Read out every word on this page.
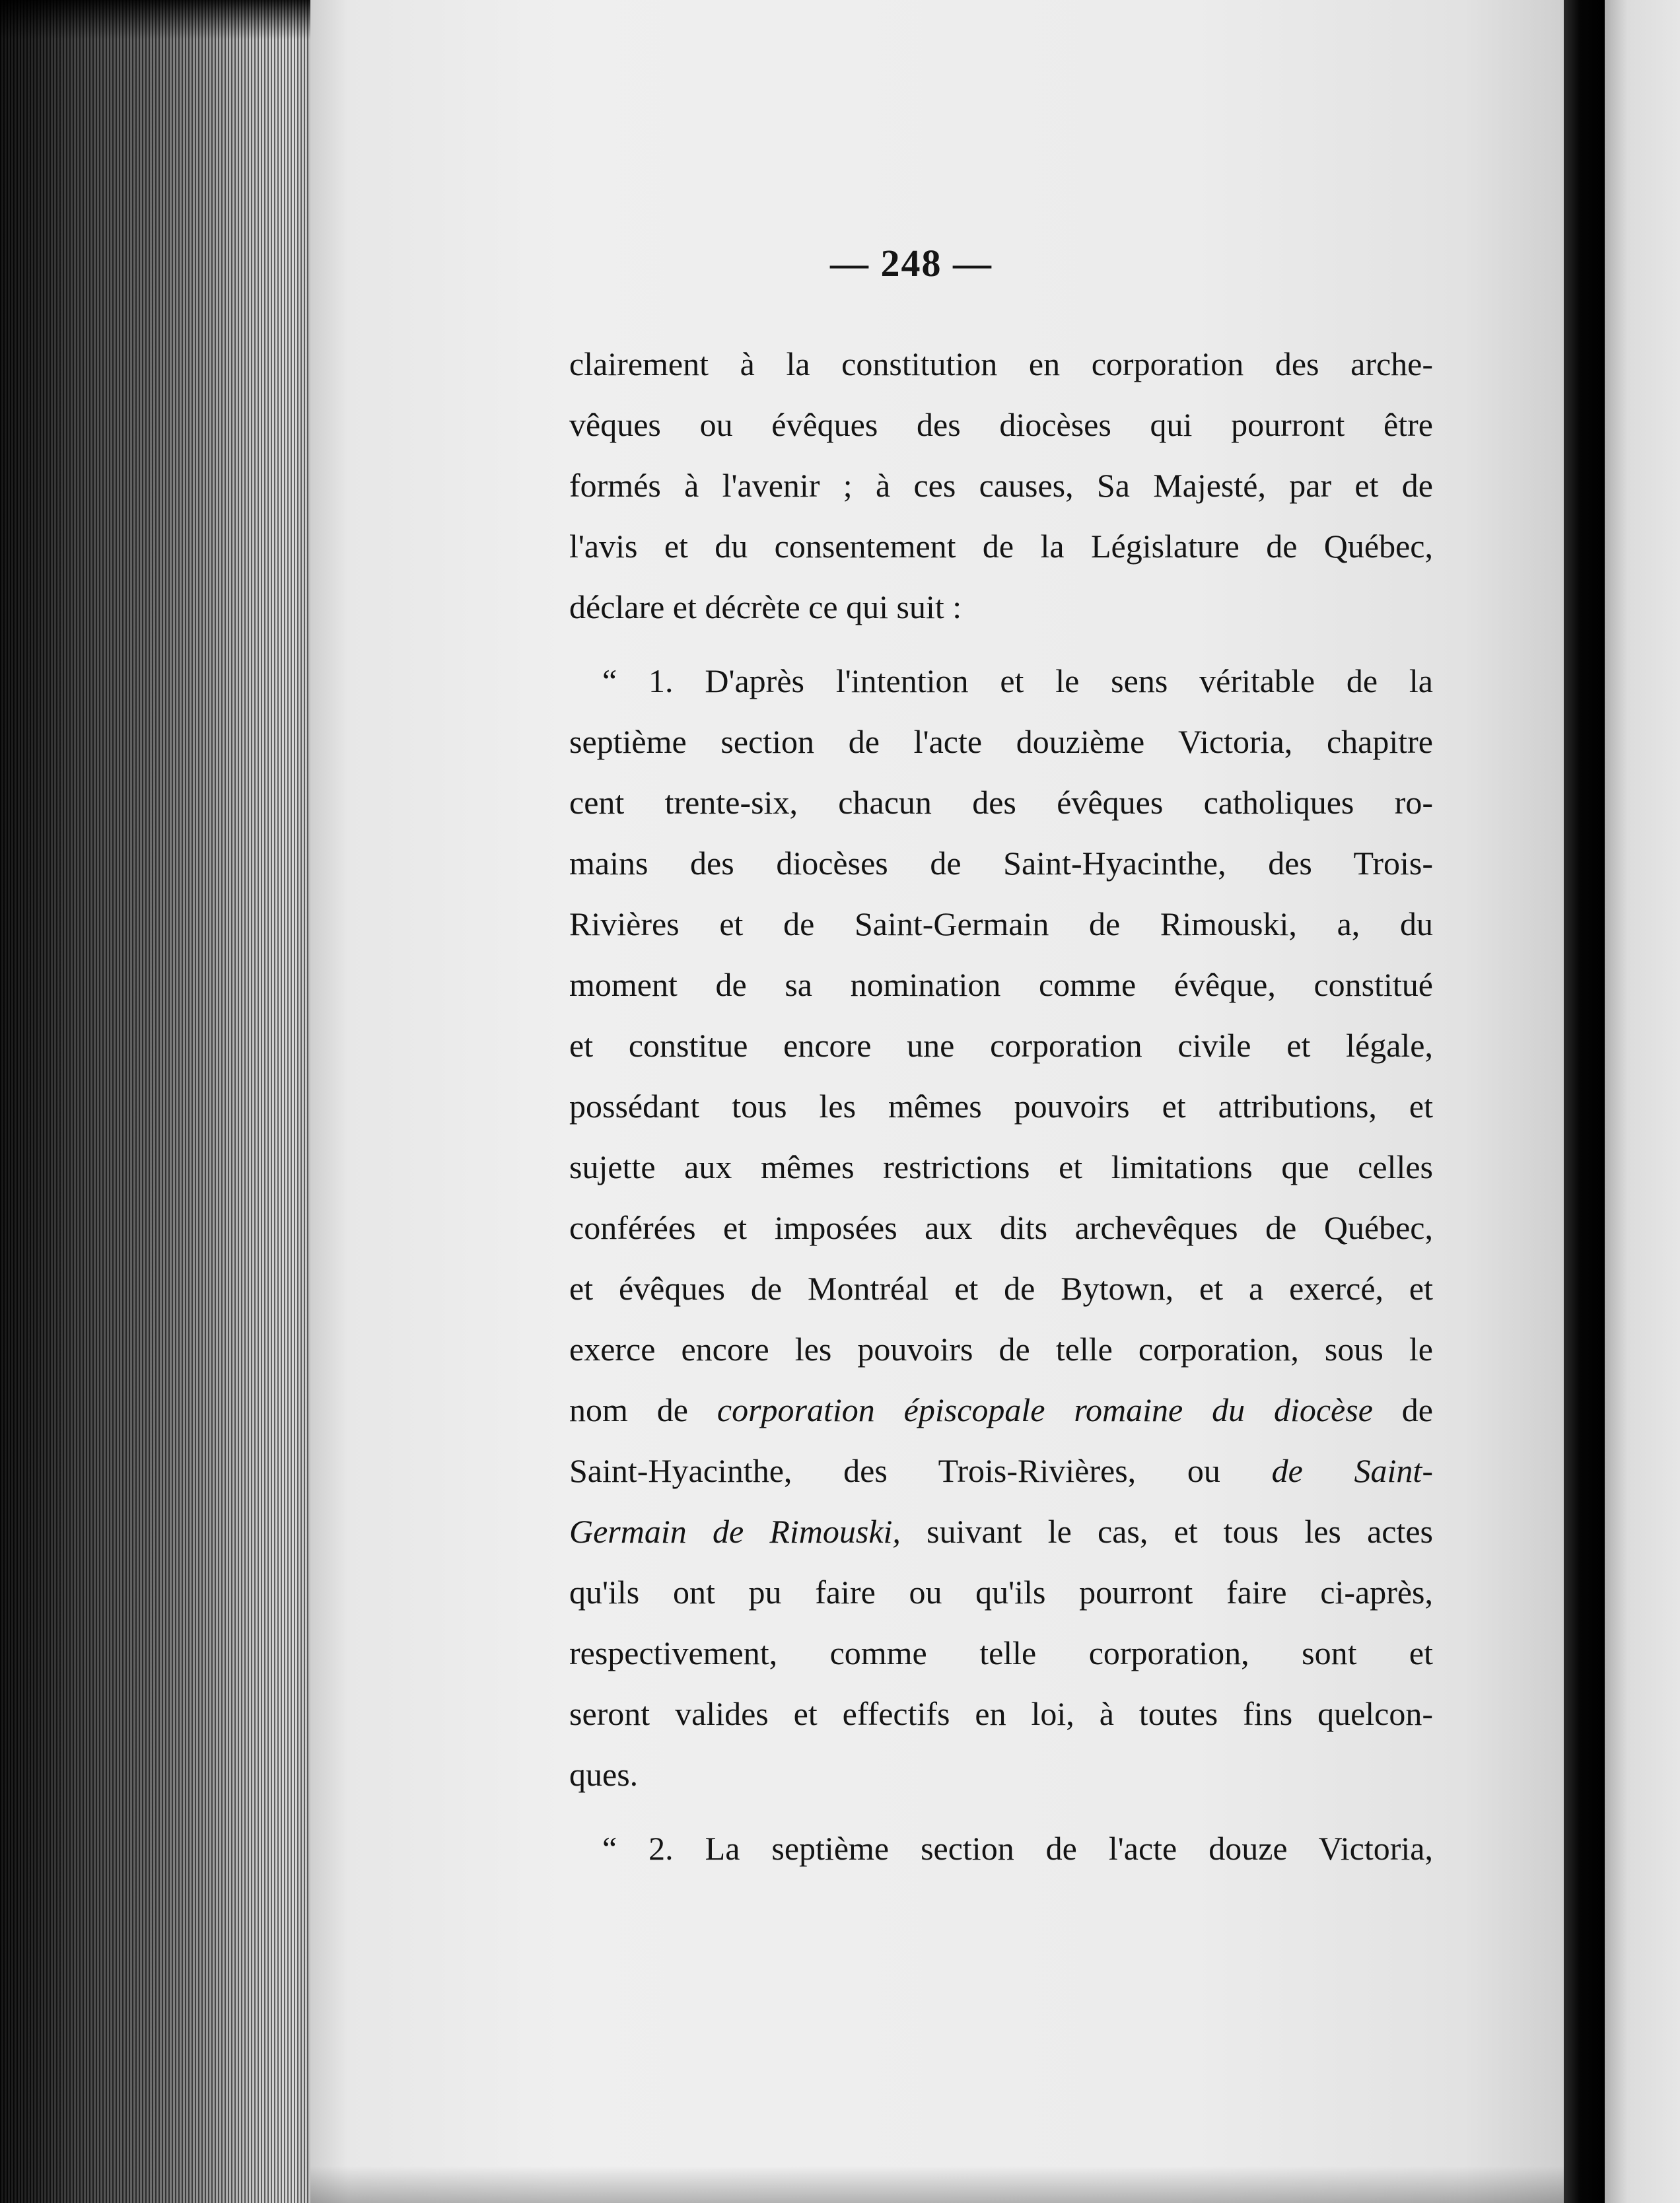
— 248 —
clairement à la constitution en corporation des arche-
vêques ou évêques des diocèses qui pourront être
formés à l'avenir ; à ces causes, Sa Majesté, par et de
l'avis et du consentement de la Législature de Québec,
déclare et décrète ce qui suit :
“ 1. D'après l'intention et le sens véritable de la
septième section de l'acte douzième Victoria, chapitre
cent trente-six, chacun des évêques catholiques ro-
mains des diocèses de Saint-Hyacinthe, des Trois-
Rivières et de Saint-Germain de Rimouski, a, du
moment de sa nomination comme évêque, constitué
et constitue encore une corporation civile et légale,
possédant tous les mêmes pouvoirs et attributions, et
sujette aux mêmes restrictions et limitations que celles
conférées et imposées aux dits archevêques de Québec,
et évêques de Montréal et de Bytown, et a exercé, et
exerce encore les pouvoirs de telle corporation, sous le
nom de corporation épiscopale romaine du diocèse de
Saint-Hyacinthe, des Trois-Rivières, ou de Saint-
Germain de Rimouski, suivant le cas, et tous les actes
qu'ils ont pu faire ou qu'ils pourront faire ci-après,
respectivement, comme telle corporation, sont et
seront valides et effectifs en loi, à toutes fins quelcon-
ques.
“ 2. La septième section de l'acte douze Victoria,
